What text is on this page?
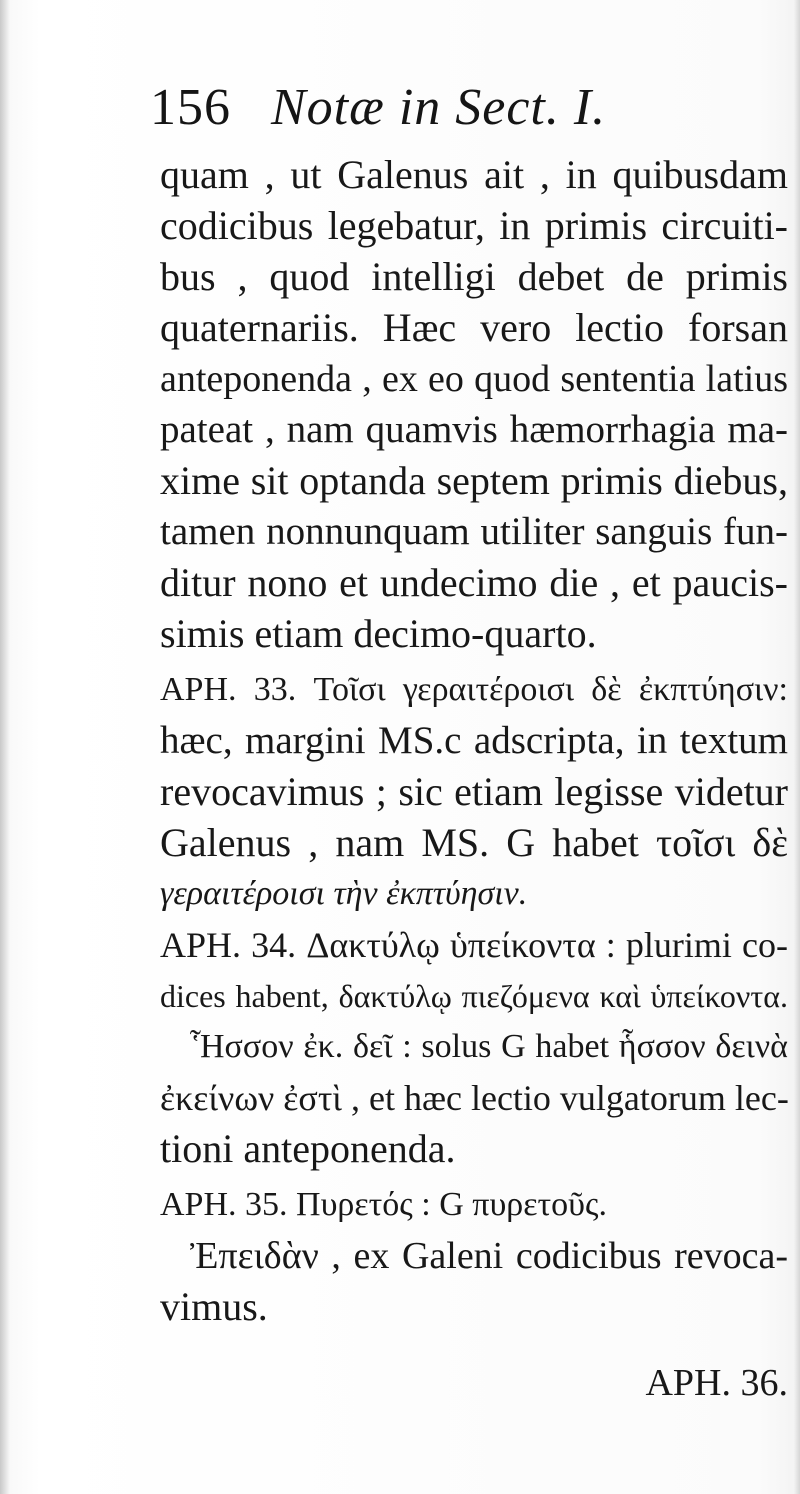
156 Notæ in Sect. I.
quam , ut Galenus ait , in quibusdam
codicibus legebatur, in primis circuiti-
bus , quod intelligi debet de primis
quaternariis. Hæc vero lectio forsan
anteponenda , ex eo quod sententia latius
pateat , nam quamvis hæmorrhagia ma-
xime sit optanda septem primis diebus,
tamen nonnunquam utiliter sanguis fun-
ditur nono et undecimo die , et paucis-
simis etiam decimo-quarto.
APH. 33. Τοῖσι γεραιτέροισι δὲ ἐκπτύησιν:
hæc, margini MS.c adscripta, in textum
revocavimus ; sic etiam legisse videtur
Galenus , nam MS. G habet τοῖσι δὲ
γεραιτέροισι τὴν ἐκπτύησιν.
APH. 34. Δακτύλῳ ὑπείκοντα : plurimi co-
dices habent, δακτύλῳ πιεζόμενα καὶ ὑπείκοντα.
Ἧσσον ἐκ. δεῖ : solus G habet ἧσσον δεινὰ
ἐκείνων ἐστὶ , et hæc lectio vulgatorum lec-
tioni anteponenda.
APH. 35. Πυρετός : G πυρετοῦς.
Ἐπειδὰν , ex Galeni codicibus revoca-
vimus.
APH. 36.
